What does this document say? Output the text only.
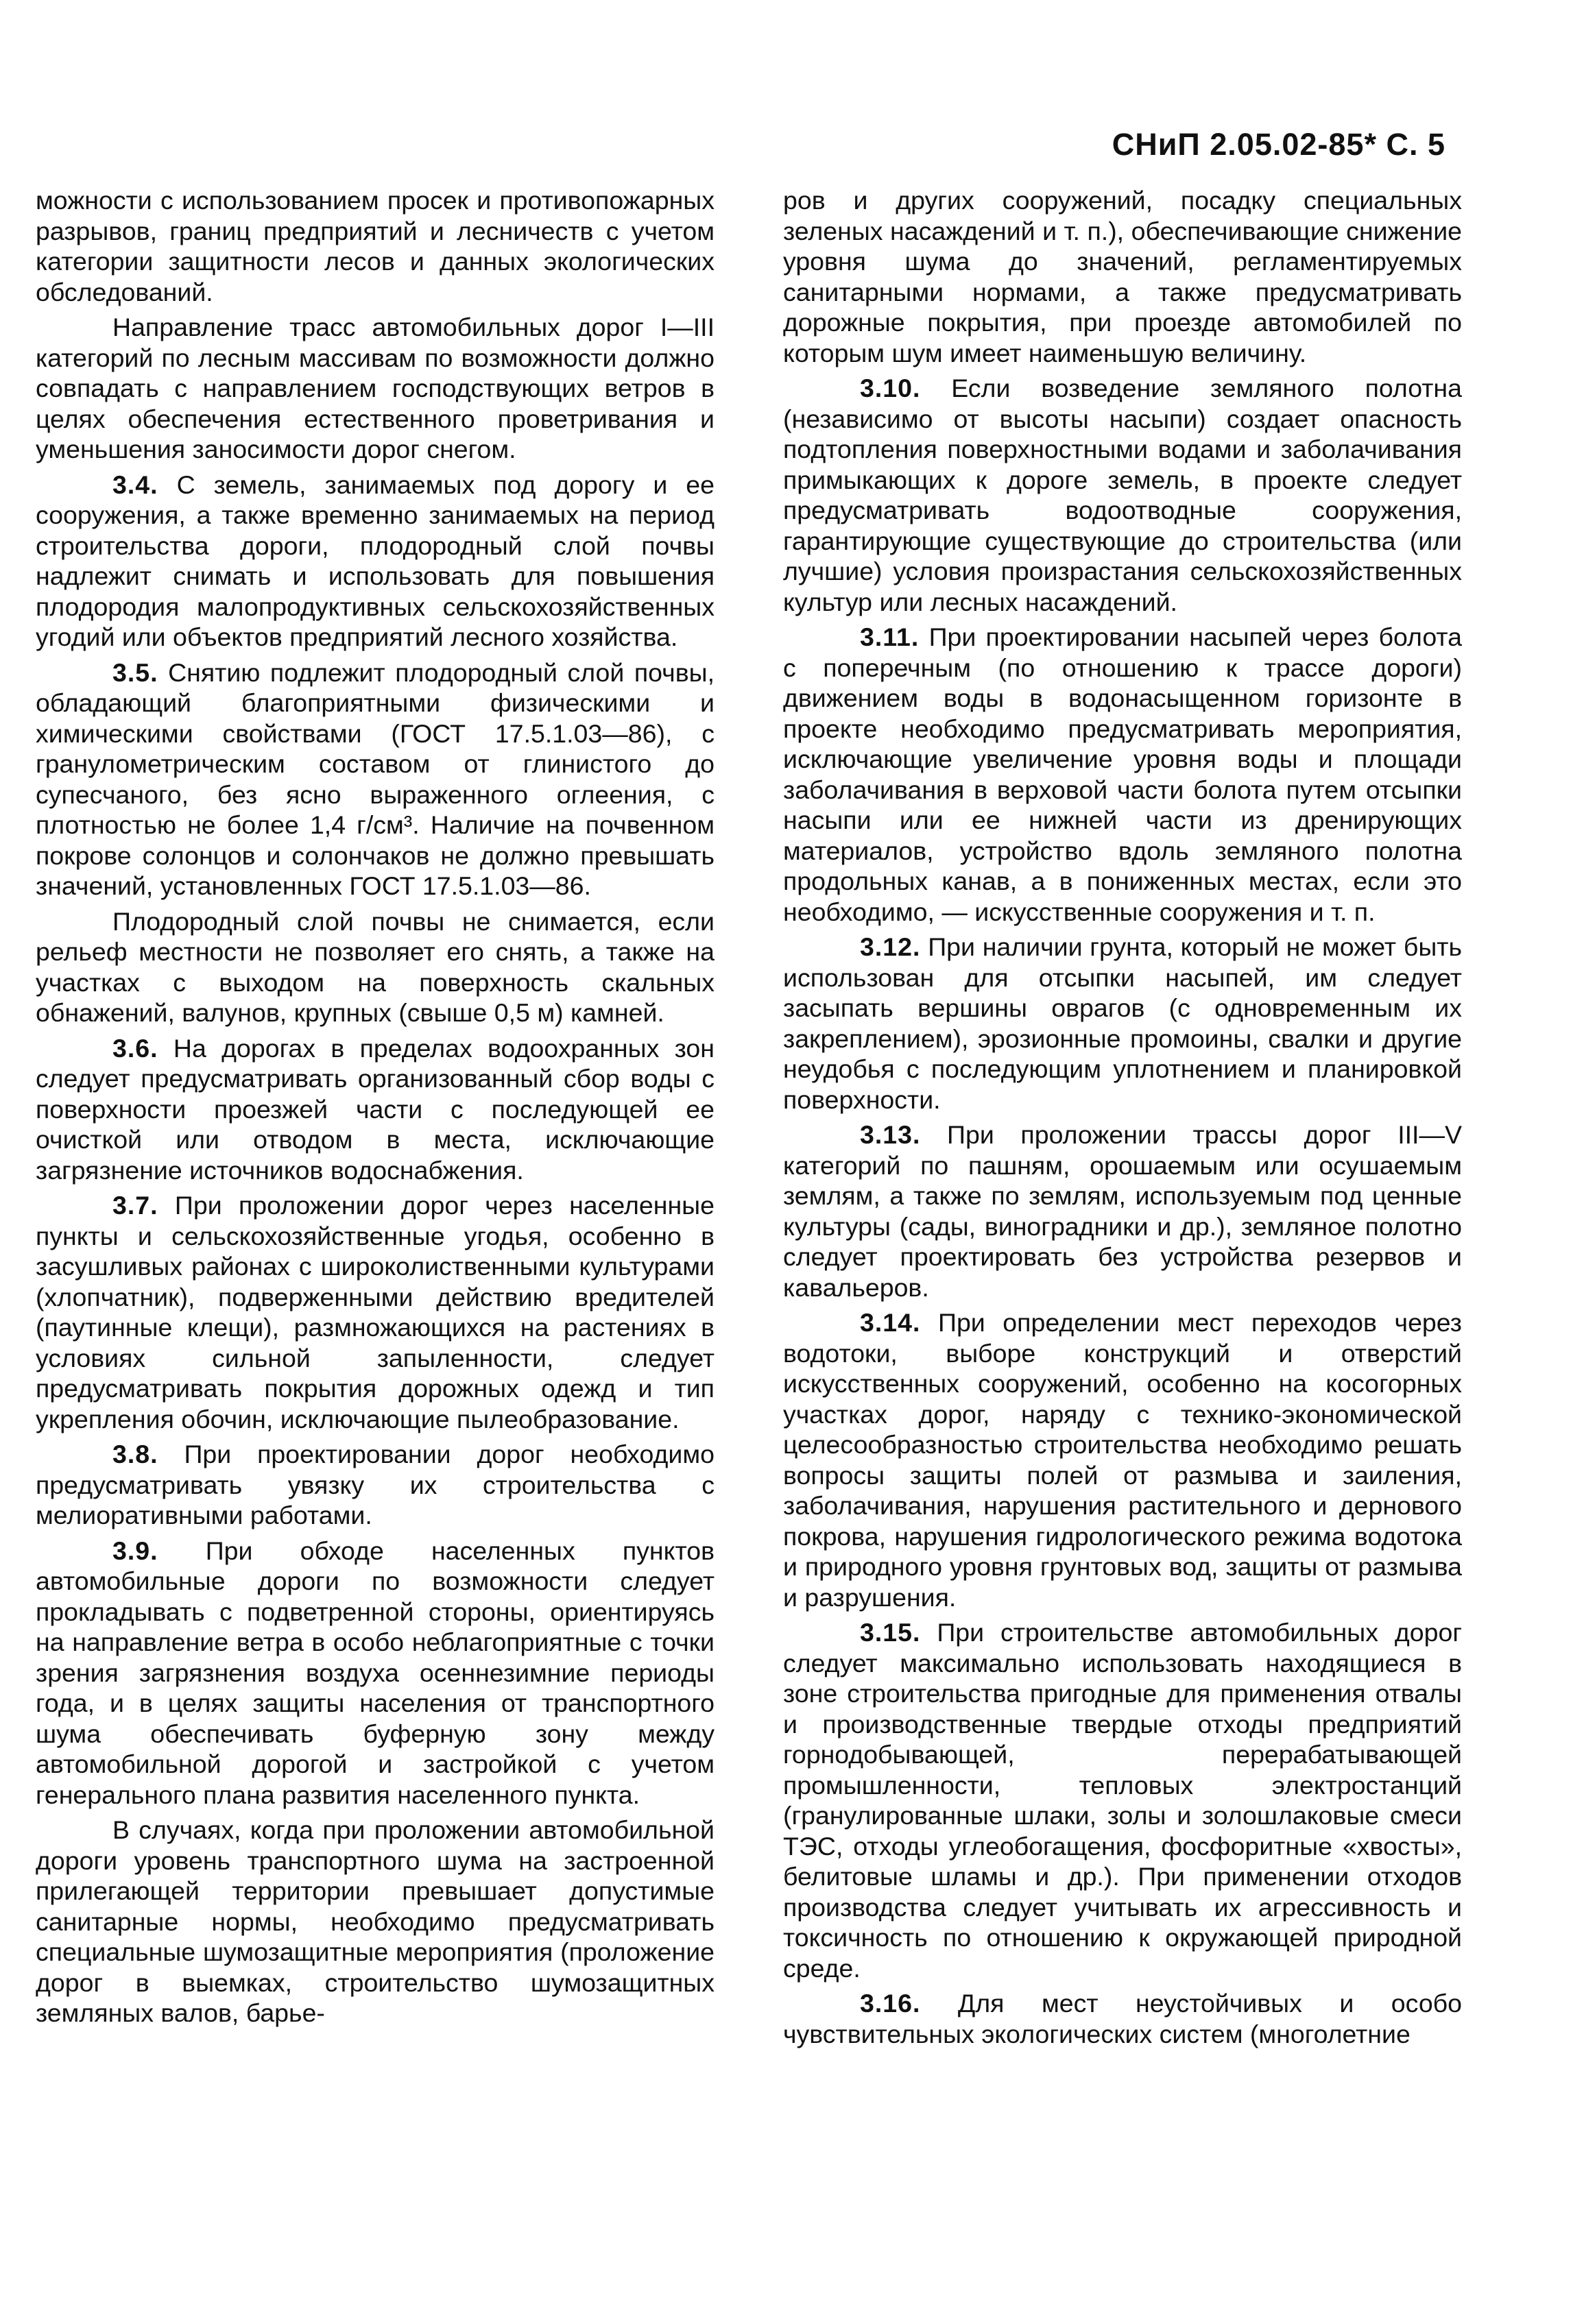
СНиП 2.05.02-85* С. 5

можности с использованием просек и противопожарных разрывов, границ предприятий и лесничеств с учетом категории защитности лесов и данных экологических обследований.

Направление трасс автомобильных дорог I—III категорий по лесным массивам по возможности должно совпадать с направлением господствующих ветров в целях обеспечения естественного проветривания и уменьшения заносимости дорог снегом.

3.4. С земель, занимаемых под дорогу и ее сооружения, а также временно занимаемых на период строительства дороги, плодородный слой почвы надлежит снимать и использовать для повышения плодородия малопродуктивных сельскохозяйственных угодий или объектов предприятий лесного хозяйства.

3.5. Снятию подлежит плодородный слой почвы, обладающий благоприятными физическими и химическими свойствами (ГОСТ 17.5.1.03—86), с гранулометрическим составом от глинистого до супесчаного, без ясно выраженного оглеения, с плотностью не более 1,4 г/см³. Наличие на почвенном покрове солонцов и солончаков не должно превышать значений, установленных ГОСТ 17.5.1.03—86.

Плодородный слой почвы не снимается, если рельеф местности не позволяет его снять, а также на участках с выходом на поверхность скальных обнажений, валунов, крупных (свыше 0,5 м) камней.

3.6. На дорогах в пределах водоохранных зон следует предусматривать организованный сбор воды с поверхности проезжей части с последующей ее очисткой или отводом в места, исключающие загрязнение источников водоснабжения.

3.7. При проложении дорог через населенные пункты и сельскохозяйственные угодья, особенно в засушливых районах с широколиственными культурами (хлопчатник), подверженными действию вредителей (паутинные клещи), размножающихся на растениях в условиях сильной запыленности, следует предусматривать покрытия дорожных одежд и тип укрепления обочин, исключающие пылеобразование.

3.8. При проектировании дорог необходимо предусматривать увязку их строительства с мелиоративными работами.

3.9. При обходе населенных пунктов автомобильные дороги по возможности следует прокладывать с подветренной стороны, ориентируясь на направление ветра в особо неблагоприятные с точки зрения загрязнения воздуха осеннезимние периоды года, и в целях защиты населения от транспортного шума обеспечивать буферную зону между автомобильной дорогой и застройкой с учетом генерального плана развития населенного пункта.

В случаях, когда при проложении автомобильной дороги уровень транспортного шума на застроенной прилегающей территории превышает допустимые санитарные нормы, необходимо предусматривать специальные шумозащитные мероприятия (проложение дорог в выемках, строительство шумозащитных земляных валов, барье-

ров и других сооружений, посадку специальных зеленых насаждений и т. п.), обеспечивающие снижение уровня шума до значений, регламентируемых санитарными нормами, а также предусматривать дорожные покрытия, при проезде автомобилей по которым шум имеет наименьшую величину.

3.10. Если возведение земляного полотна (независимо от высоты насыпи) создает опасность подтопления поверхностными водами и заболачивания примыкающих к дороге земель, в проекте следует предусматривать водоотводные сооружения, гарантирующие существующие до строительства (или лучшие) условия произрастания сельскохозяйственных культур или лесных насаждений.

3.11. При проектировании насыпей через болота с поперечным (по отношению к трассе дороги) движением воды в водонасыщенном горизонте в проекте необходимо предусматривать мероприятия, исключающие увеличение уровня воды и площади заболачивания в верховой части болота путем отсыпки насыпи или ее нижней части из дренирующих материалов, устройство вдоль земляного полотна продольных канав, а в пониженных местах, если это необходимо, — искусственные сооружения и т. п.

3.12. При наличии грунта, который не может быть использован для отсыпки насыпей, им следует засыпать вершины оврагов (с одновременным их закреплением), эрозионные промоины, свалки и другие неудобья с последующим уплотнением и планировкой поверхности.

3.13. При проложении трассы дорог III—V категорий по пашням, орошаемым или осушаемым землям, а также по землям, используемым под ценные культуры (сады, виноградники и др.), земляное полотно следует проектировать без устройства резервов и кавальеров.

3.14. При определении мест переходов через водотоки, выборе конструкций и отверстий искусственных сооружений, особенно на косогорных участках дорог, наряду с технико-экономической целесообразностью строительства необходимо решать вопросы защиты полей от размыва и заиления, заболачивания, нарушения растительного и дернового покрова, нарушения гидрологического режима водотока и природного уровня грунтовых вод, защиты от размыва и разрушения.

3.15. При строительстве автомобильных дорог следует максимально использовать находящиеся в зоне строительства пригодные для применения отвалы и производственные твердые отходы предприятий горнодобывающей, перерабатывающей промышленности, тепловых электростанций (гранулированные шлаки, золы и золошлаковые смеси ТЭС, отходы углеобогащения, фосфоритные «хвосты», белитовые шламы и др.). При применении отходов производства следует учитывать их агрессивность и токсичность по отношению к окружающей природной среде.

3.16. Для мест неустойчивых и особо чувствительных экологических систем (многолетние
